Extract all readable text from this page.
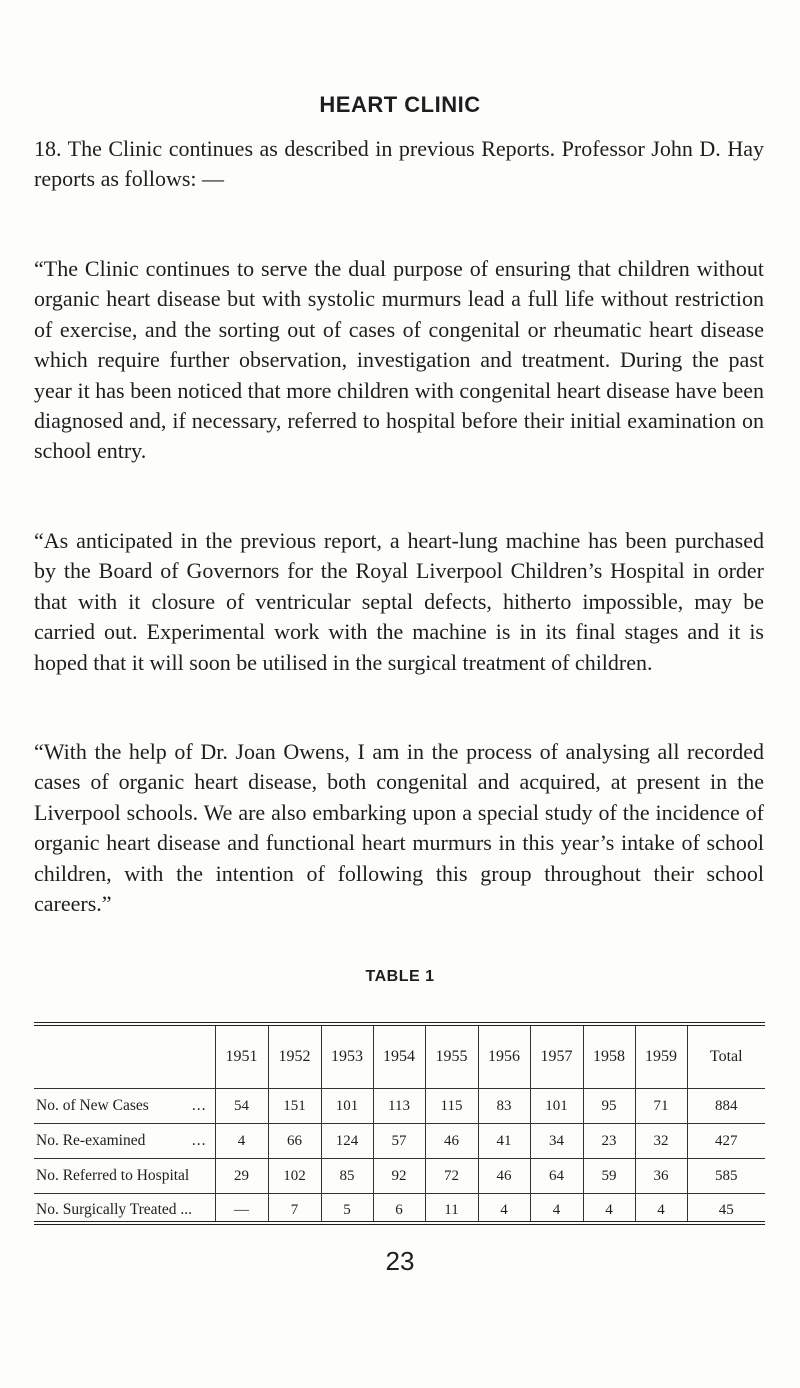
HEART CLINIC

18. The Clinic continues as described in previous Reports. Professor John D. Hay reports as follows: —

“The Clinic continues to serve the dual purpose of ensuring that children without organic heart disease but with systolic murmurs lead a full life without restriction of exercise, and the sorting out of cases of congenital or rheumatic heart disease which require further observation, investigation and treatment. During the past year it has been noticed that more children with congenital heart disease have been diagnosed and, if necessary, referred to hospital before their initial examination on school entry.

“As anticipated in the previous report, a heart-lung machine has been purchased by the Board of Governors for the Royal Liverpool Children’s Hospital in order that with it closure of ventricular septal defects, hitherto impossible, may be carried out. Experimental work with the machine is in its final stages and it is hoped that it will soon be utilised in the surgical treatment of children.

“With the help of Dr. Joan Owens, I am in the process of analysing all recorded cases of organic heart disease, both congenital and acquired, at present in the Liverpool schools. We are also embarking upon a special study of the incidence of organic heart disease and functional heart murmurs in this year’s intake of school children, with the intention of following this group throughout their school careers.”

TABLE 1
	1951	1952	1953	1954	1955	1956	1957	1958	1959	Total

No. of New Cases ...	54	151	101	113	115	83	101	95	71	884

No. Re-examined ...	4	66	124	57	46	41	34	23	32	427

No. Referred to Hospital	29	102	85	92	72	46	64	59	36	585

No. Surgically Treated ...	—	7	5	6	11	4	4	4	4	45
23
